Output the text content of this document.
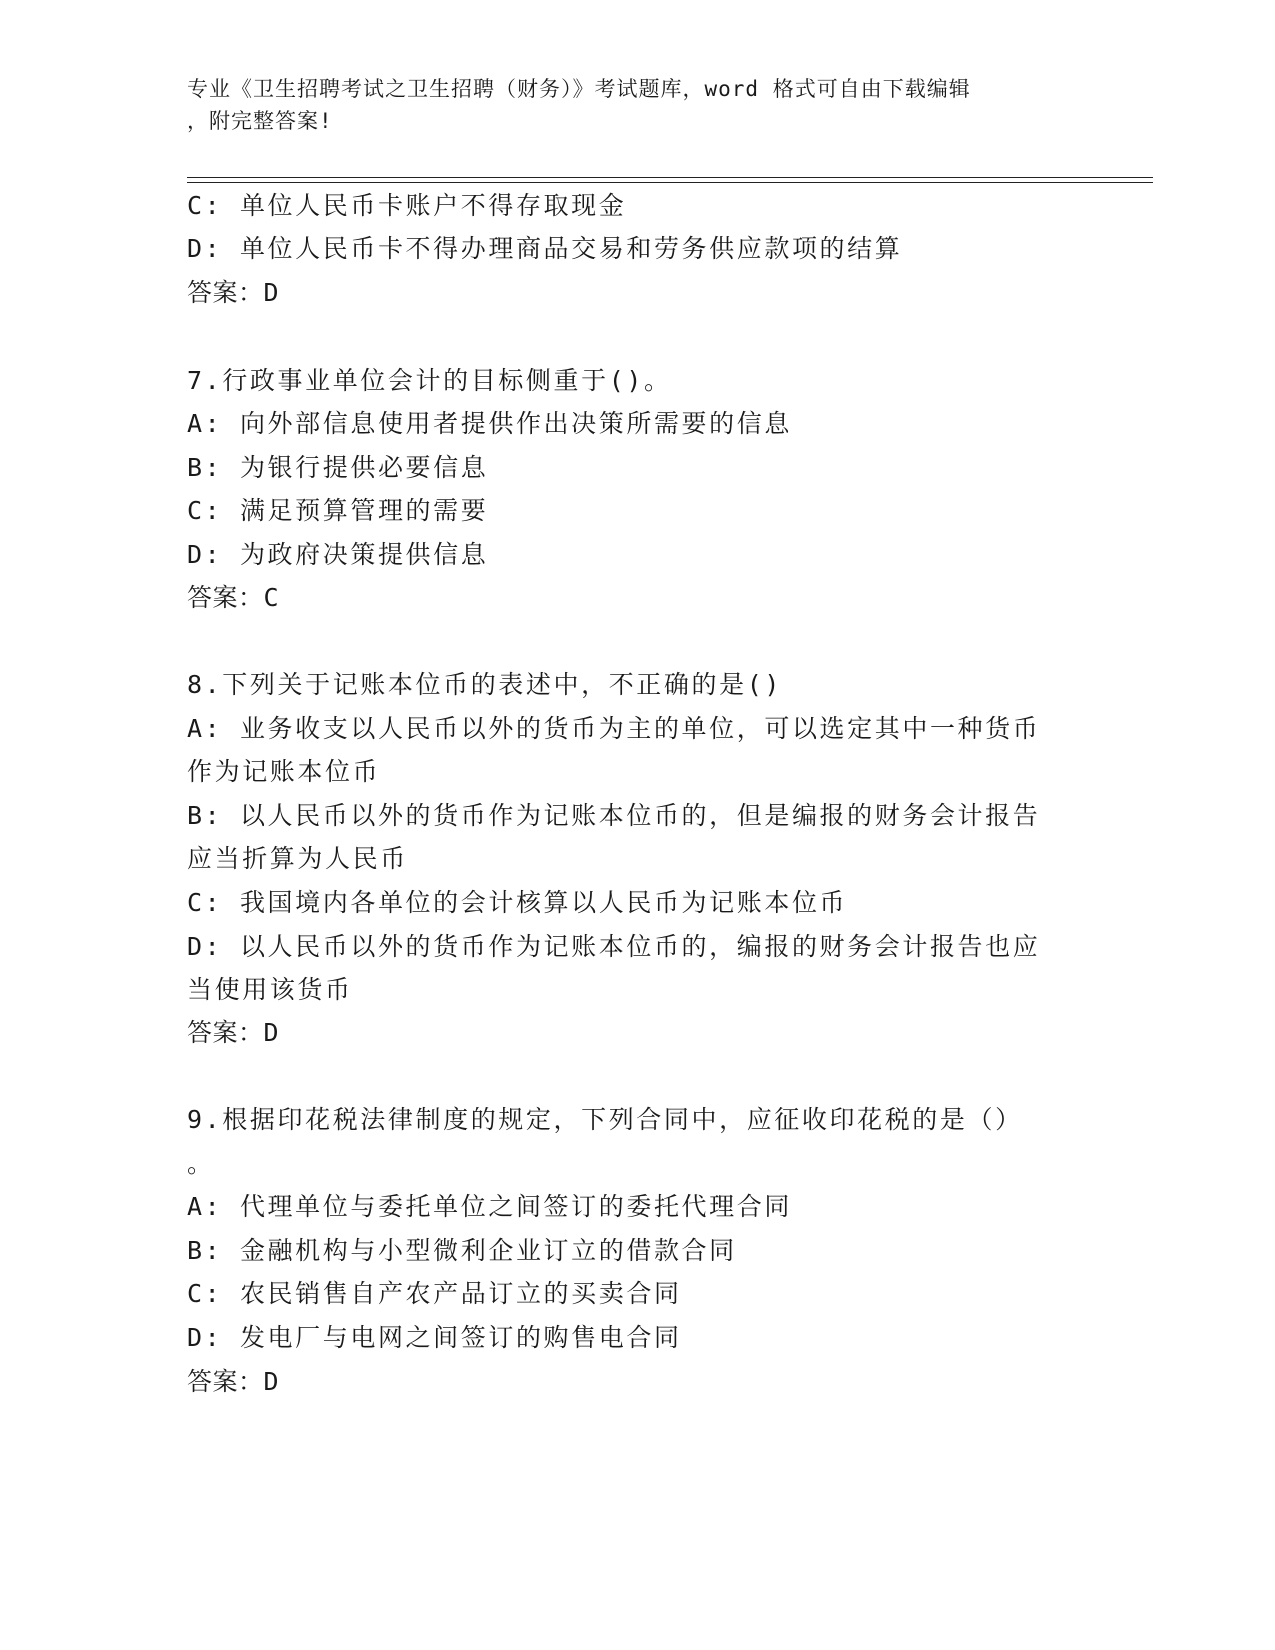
专业《卫生招聘考试之卫生招聘（财务）》考试题库，word 格式可自由下载编辑
，附完整答案!
C: 单位人民币卡账户不得存取现金
D: 单位人民币卡不得办理商品交易和劳务供应款项的结算
答案：D
7.行政事业单位会计的目标侧重于()。
A: 向外部信息使用者提供作出决策所需要的信息
B: 为银行提供必要信息
C: 满足预算管理的需要
D: 为政府决策提供信息
答案：C
8.下列关于记账本位币的表述中，不正确的是()
A: 业务收支以人民币以外的货币为主的单位，可以选定其中一种货币
作为记账本位币
B: 以人民币以外的货币作为记账本位币的，但是编报的财务会计报告
应当折算为人民币
C: 我国境内各单位的会计核算以人民币为记账本位币
D: 以人民币以外的货币作为记账本位币的，编报的财务会计报告也应
当使用该货币
答案：D
9.根据印花税法律制度的规定，下列合同中，应征收印花税的是（）
。
A: 代理单位与委托单位之间签订的委托代理合同
B: 金融机构与小型微利企业订立的借款合同
C: 农民销售自产农产品订立的买卖合同
D: 发电厂与电网之间签订的购售电合同
答案：D
